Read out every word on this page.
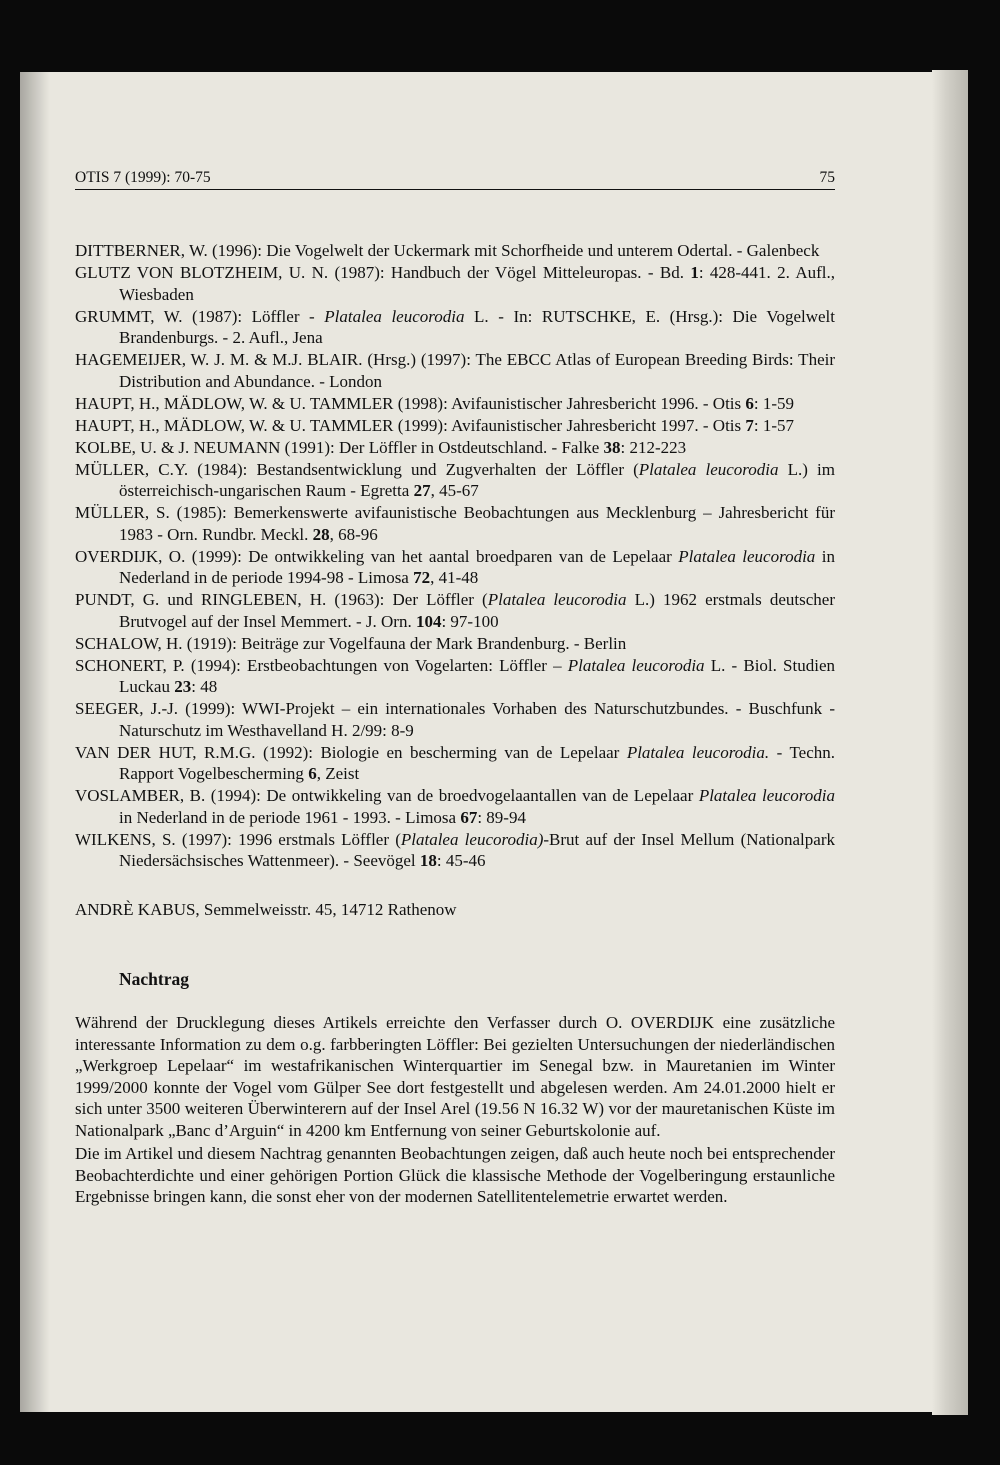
OTIS 7 (1999): 70-75	75

DITTBERNER, W. (1996): Die Vogelwelt der Uckermark mit Schorfheide und unterem Odertal. - Galenbeck

GLUTZ VON BLOTZHEIM, U. N. (1987): Handbuch der Vögel Mitteleuropas. - Bd. 1: 428-441. 2. Aufl., Wiesbaden

GRUMMT, W. (1987): Löffler - Platalea leucorodia L. - In: RUTSCHKE, E. (Hrsg.): Die Vogelwelt Brandenburgs. - 2. Aufl., Jena

HAGEMEIJER, W. J. M. & M.J. BLAIR. (Hrsg.) (1997): The EBCC Atlas of European Breeding Birds: Their Distribution and Abundance. - London

HAUPT, H., MÄDLOW, W. & U. TAMMLER (1998): Avifaunistischer Jahresbericht 1996. - Otis 6: 1-59

HAUPT, H., MÄDLOW, W. & U. TAMMLER (1999): Avifaunistischer Jahresbericht 1997. - Otis 7: 1-57

KOLBE, U. & J. NEUMANN (1991): Der Löffler in Ostdeutschland. - Falke 38: 212-223

MÜLLER, C.Y. (1984): Bestandsentwicklung und Zugverhalten der Löffler (Platalea leucorodia L.) im österreichisch-ungarischen Raum - Egretta 27, 45-67

MÜLLER, S. (1985): Bemerkenswerte avifaunistische Beobachtungen aus Mecklenburg – Jahresbericht für 1983 - Orn. Rundbr. Meckl. 28, 68-96

OVERDIJK, O. (1999): De ontwikkeling van het aantal broedparen van de Lepelaar Platalea leucorodia in Nederland in de periode 1994-98 - Limosa 72, 41-48

PUNDT, G. und RINGLEBEN, H. (1963): Der Löffler (Platalea leucorodia L.) 1962 erstmals deutscher Brutvogel auf der Insel Memmert. - J. Orn. 104: 97-100

SCHALOW, H. (1919): Beiträge zur Vogelfauna der Mark Brandenburg. - Berlin

SCHONERT, P. (1994): Erstbeobachtungen von Vogelarten: Löffler – Platalea leucorodia L. - Biol. Studien Luckau 23: 48

SEEGER, J.-J. (1999): WWI-Projekt – ein internationales Vorhaben des Naturschutzbundes. - Buschfunk - Naturschutz im Westhavelland H. 2/99: 8-9

VAN DER HUT, R.M.G. (1992): Biologie en bescherming van de Lepelaar Platalea leucorodia. - Techn. Rapport Vogelbescherming 6, Zeist

VOSLAMBER, B. (1994): De ontwikkeling van de broedvogelaantallen van de Lepelaar Platalea leucorodia in Nederland in de periode 1961 - 1993. - Limosa 67: 89-94

WILKENS, S. (1997): 1996 erstmals Löffler (Platalea leucorodia)-Brut auf der Insel Mellum (Nationalpark Niedersächsisches Wattenmeer). - Seevögel 18: 45-46

ANDRÈ KABUS, Semmelweisstr. 45, 14712 Rathenow
Nachtrag

Während der Drucklegung dieses Artikels erreichte den Verfasser durch O. OVERDIJK eine zusätzliche interessante Information zu dem o.g. farbberingten Löffler: Bei gezielten Untersuchungen der niederländischen „Werkgroep Lepelaar“ im westafrikanischen Winterquartier im Senegal bzw. in Mauretanien im Winter 1999/2000 konnte der Vogel vom Gülper See dort festgestellt und abgelesen werden. Am 24.01.2000 hielt er sich unter 3500 weiteren Überwinterern auf der Insel Arel (19.56 N 16.32 W) vor der mauretanischen Küste im Nationalpark „Banc d’Arguin“ in 4200 km Entfernung von seiner Geburtskolonie auf.

Die im Artikel und diesem Nachtrag genannten Beobachtungen zeigen, daß auch heute noch bei entsprechender Beobachterdichte und einer gehörigen Portion Glück die klassische Methode der Vogelberingung erstaunliche Ergebnisse bringen kann, die sonst eher von der modernen Satellitentelemetrie erwartet werden.
